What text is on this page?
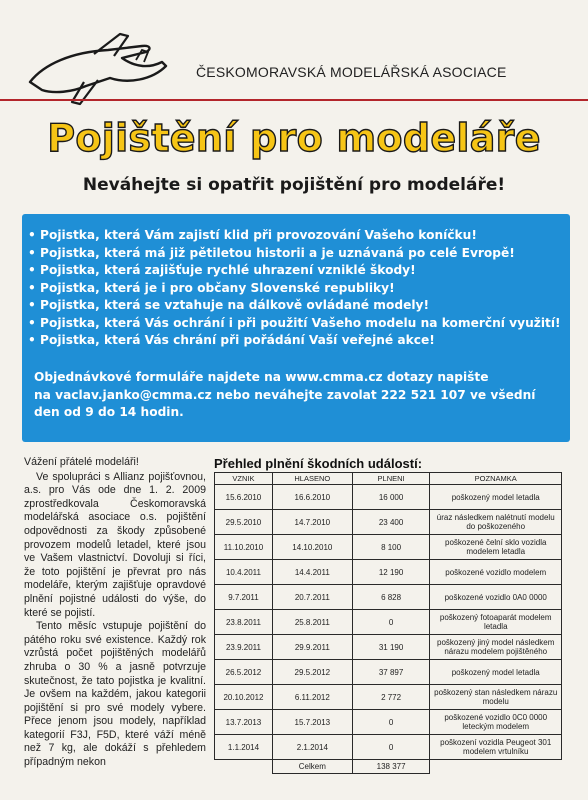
ČESKOMORAVSKÁ MODELÁŘSKÁ ASOCIACE
Pojištění pro modeláře
Neváhejte si opatřit pojištění pro modeláře!
• Pojistka, která Vám zajistí klid při provozování Vašeho koníčku!
• Pojistka, která má již pětiletou historii a je uznávaná po celé Evropě!
• Pojistka, která zajišťuje rychlé uhrazení vzniklé škody!
• Pojistka, která je i pro občany Slovenské republiky!
• Pojistka, která se vztahuje na dálkově ovládané modely!
• Pojistka, která Vás ochrání i při použití Vašeho modelu na komerční využití!
• Pojistka, která Vás chrání při pořádání Vaší veřejné akce!
Objednávkové formuláře najdete na www.cmma.cz dotazy napište
na vaclav.janko@cmma.cz nebo neváhejte zavolat 222 521 107 ve všední
den od 9 do 14 hodin.
Vážení přátelé modeláři!

Ve spolupráci s Allianz pojišťovnou, a.s. pro Vás ode dne 1. 2. 2009 zprostředkovala Českomoravská modelářská asociace o.s. pojištění odpovědnosti za škody způsobené provozem modelů letadel, které jsou ve Vašem vlastnictví. Dovoluji si říci, že toto pojištění je převrat pro nás modeláře, kterým zajišťuje opravdové plnění pojistné události do výše, do které se pojistí.

Tento měsíc vstupuje pojištění do pátého roku své existence. Každý rok vzrůstá počet pojištěných modelářů zhruba o 30 % a jasně potvrzuje skutečnost, že tato pojistka je kvalitní. Je ovšem na každém, jakou kategorii pojištění si pro své modely vybere. Přece jenom jsou modely, například kategorií F3J, F5D, které váží méně než 7 kg, ale dokáží s přehledem případným nekon

Přehled plnění škodních událostí:
VZNIK	HLASENO	PLNENI	POZNAMKA
15.6.2010	16.6.2010	16 000	poškozený model letadla
29.5.2010	14.7.2010	23 400	úraz následkem nalétnutí modelu do poškozeného
11.10.2010	14.10.2010	8 100	poškozené čelní sklo vozidla modelem letadla
10.4.2011	14.4.2011	12 190	poškozené vozidlo modelem
9.7.2011	20.7.2011	6 828	poškozené vozidlo 0A0 0000
23.8.2011	25.8.2011	0	poškozený fotoaparát modelem letadla
23.9.2011	29.9.2011	31 190	poškozený jiný model následkem nárazu modelem pojištěného
26.5.2012	29.5.2012	37 897	poškozený model letadla
20.10.2012	6.11.2012	2 772	poškozený stan následkem nárazu modelu
13.7.2013	15.7.2013	0	poškozené vozidlo 0C0 0000 leteckým modelem
1.1.2014	2.1.2014	0	poškození vozidla Peugeot 301 modelem vrtulníku
	Celkem	138 377	
